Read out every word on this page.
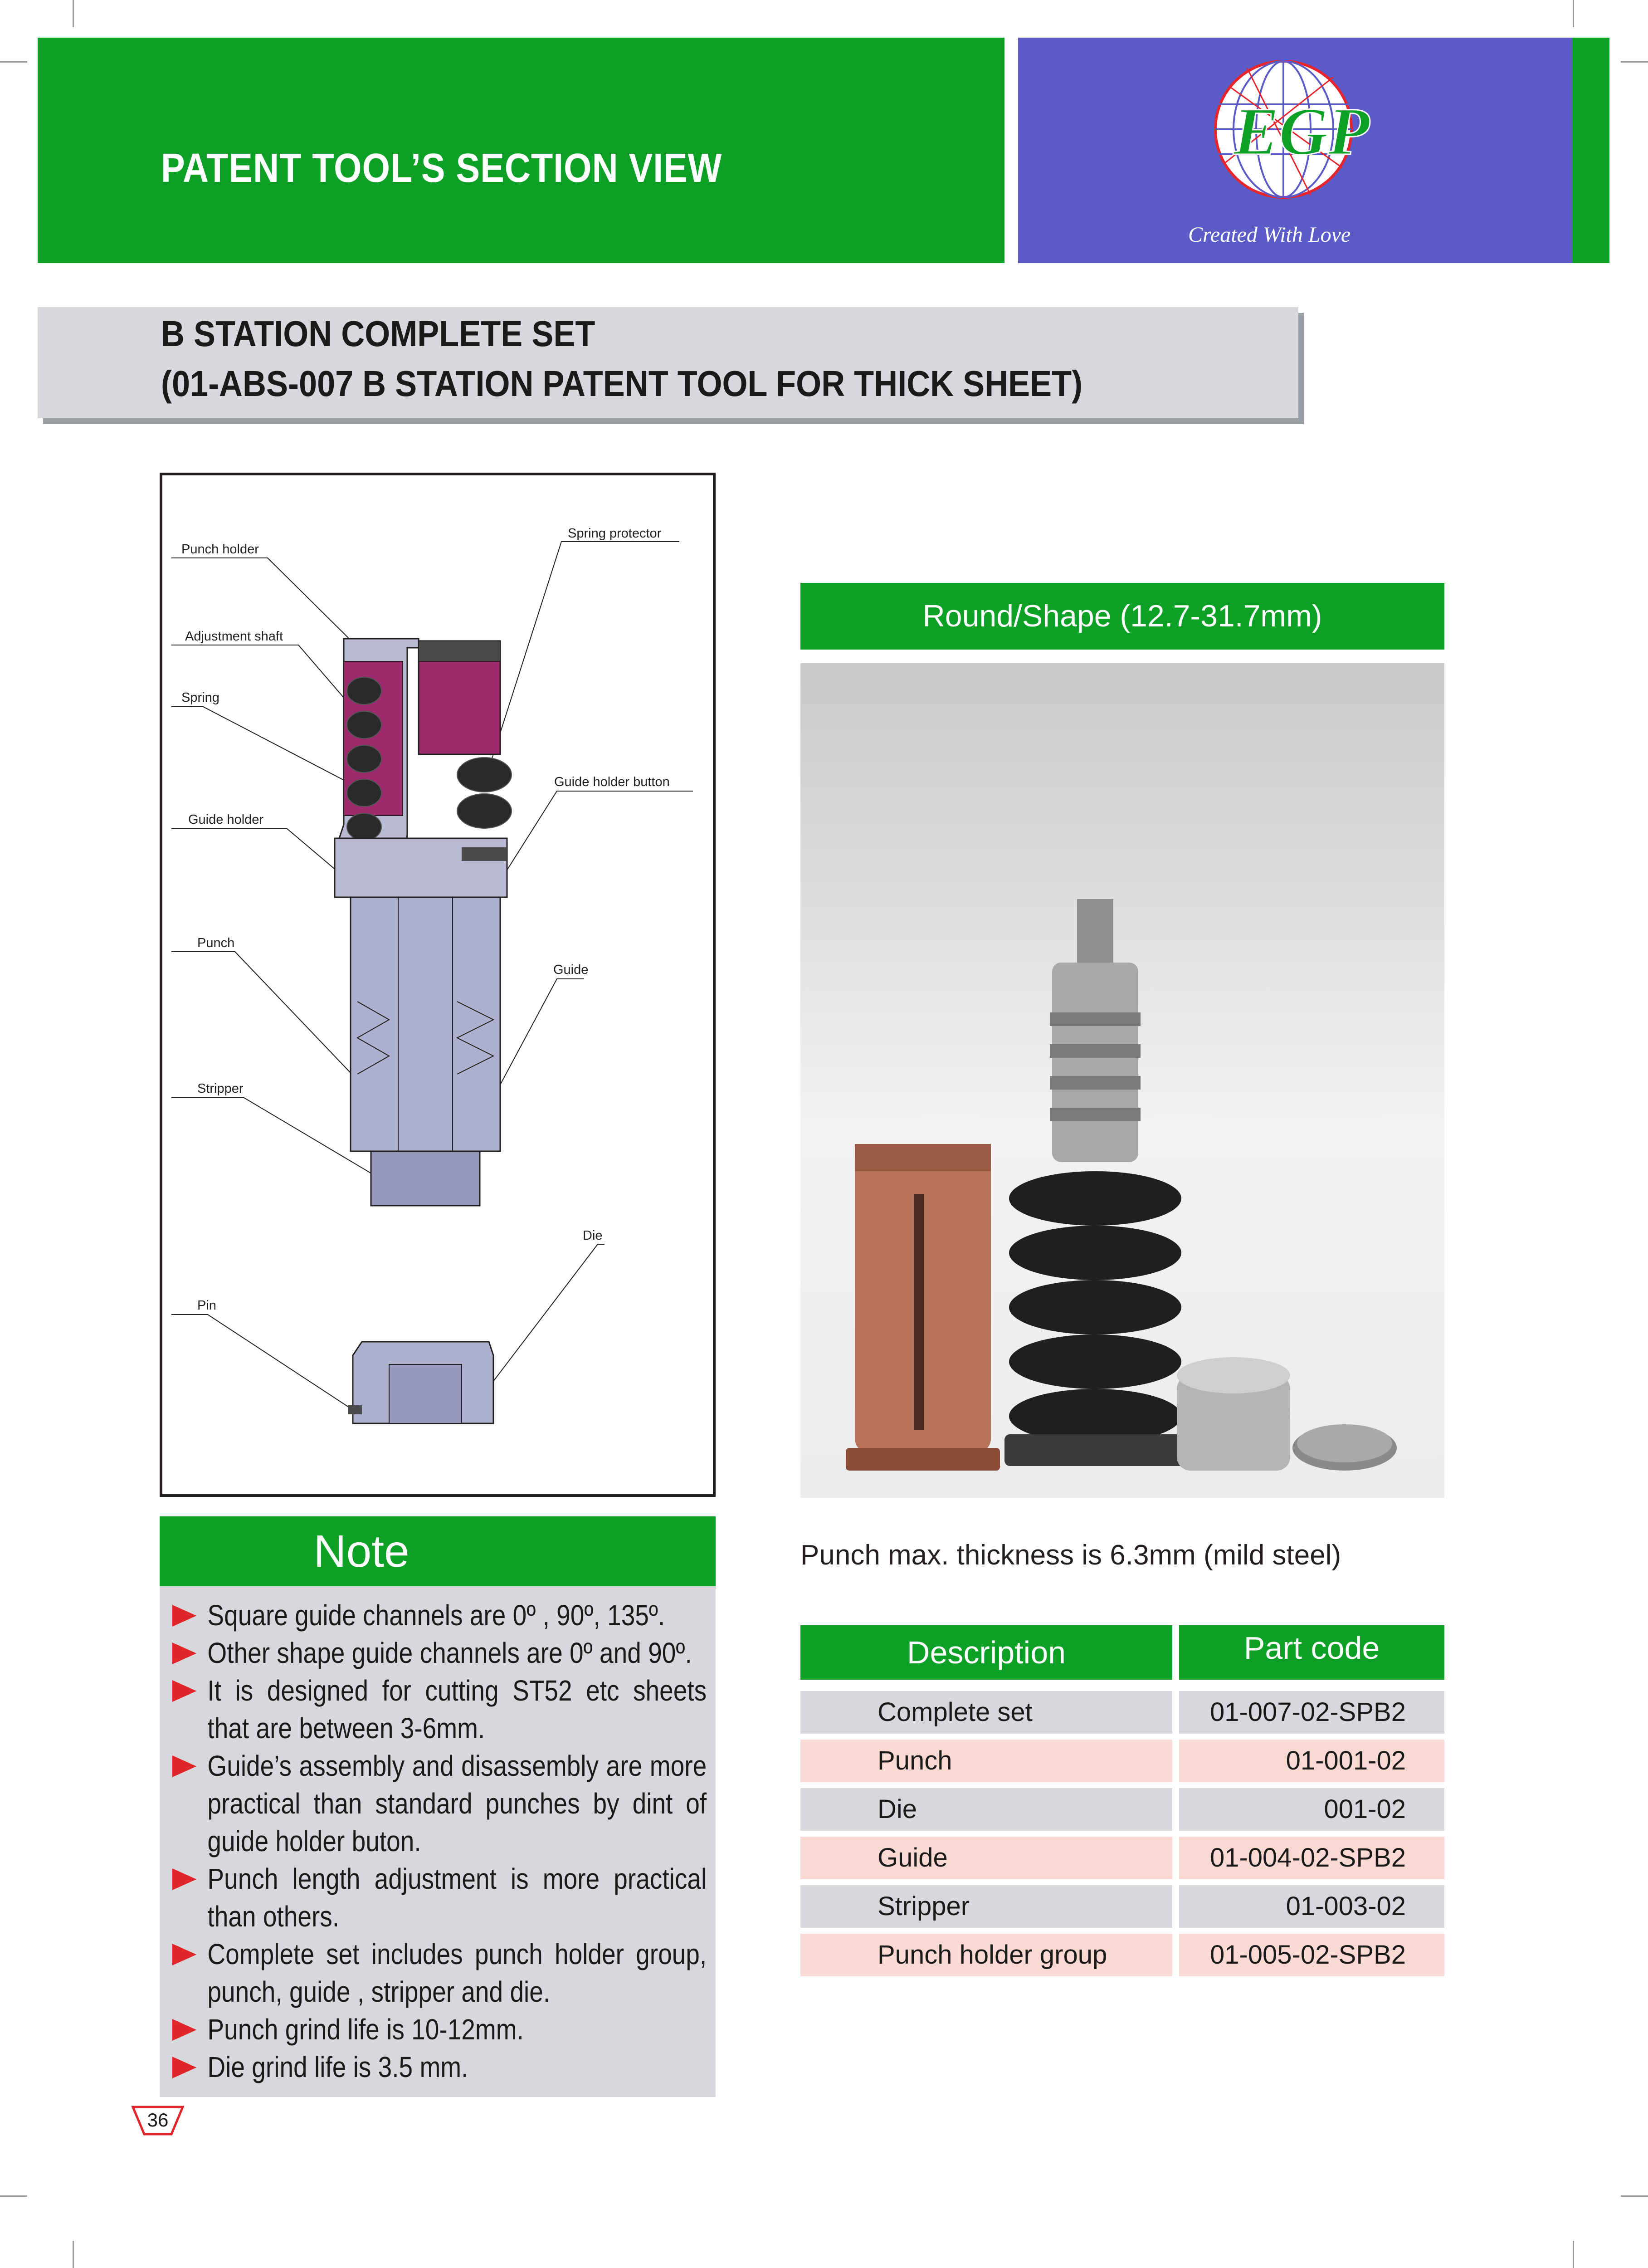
PATENT TOOL’S SECTION VIEW	EGP
Created With Love
B STATION COMPLETE SET
(01-ABS-007 B STATION PATENT TOOL FOR THICK SHEET)
Punch holder
Spring protector
Adjustment shaft
Spring
Guide holder button
Guide holder
Punch
Guide
Stripper
Die
Pin
Note
Square guide channels are 0º , 90º, 135º.
Other shape guide channels are 0º and 90º.
It is designed for cutting ST52 etc sheets that are between 3-6mm.
Guide’s assembly and disassembly are more practical than standard punches by dint of guide holder buton.
Punch length adjustment is more practical than others.
Complete set includes punch holder group, punch, guide , stripper and die.
Punch grind life is 10-12mm.
Die grind life is 3.5 mm.
36
Round/Shape (12.7-31.7mm)
Punch max. thickness is 6.3mm (mild steel)
Description	Part code
Complete set	01-007-02-SPB2
Punch	01-001-02
Die	001-02
Guide	01-004-02-SPB2
Stripper	01-003-02
Punch holder group	01-005-02-SPB2
